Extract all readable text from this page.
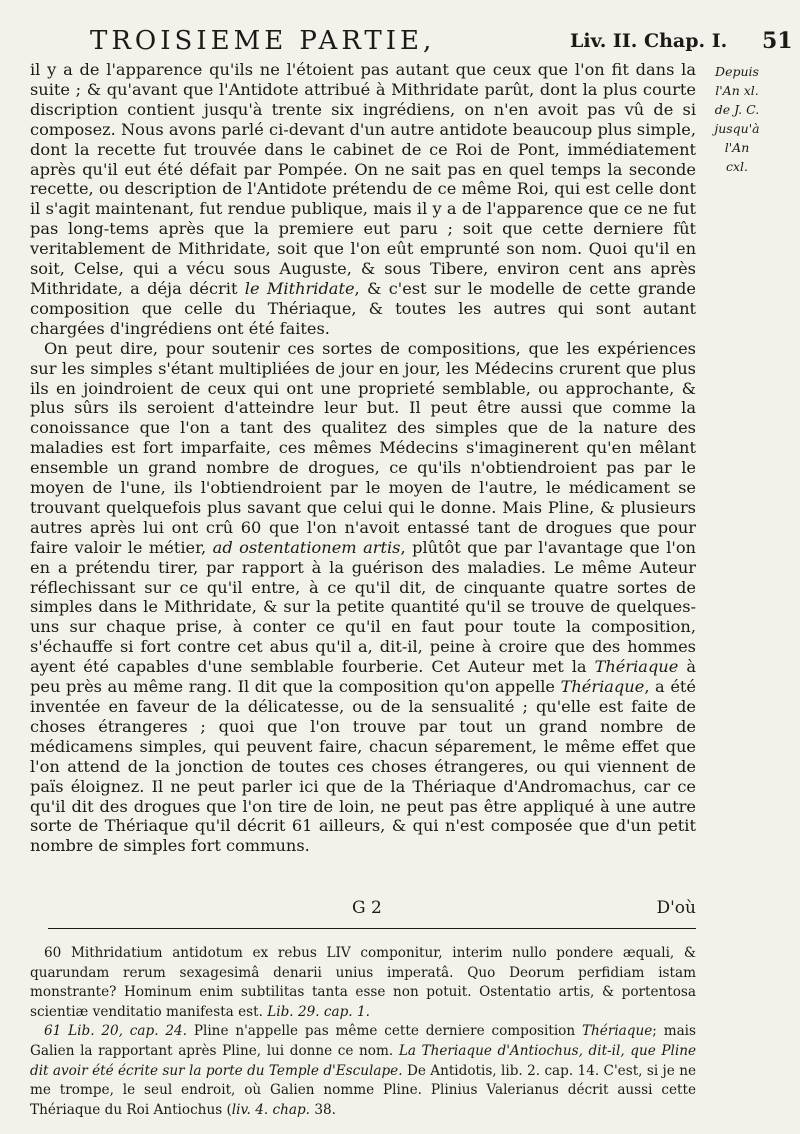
TROISIEME PARTIE,	Liv. II. Chap. I. 51
Depuis
l'An xl.
de J. C.
jusqu'à
l'An
cxl.

il y a de l'apparence qu'ils ne l'étoient pas autant que ceux que l'on fit dans la suite ; & qu'avant que l'Antidote attribué à Mithridate parût, dont la plus courte discription contient jusqu'à trente six ingrédiens, on n'en avoit pas vû de si composez. Nous avons parlé ci-devant d'un autre antidote beaucoup plus simple, dont la recette fut trouvée dans le cabinet de ce Roi de Pont, immédiatement après qu'il eut été défait par Pompée. On ne sait pas en quel temps la seconde recette, ou description de l'Antidote prétendu de ce même Roi, qui est celle dont il s'agit maintenant, fut rendue publique, mais il y a de l'apparence que ce ne fut pas long-tems après que la premiere eut paru ; soit que cette derniere fût veritablement de Mithridate, soit que l'on eût emprunté son nom. Quoi qu'il en soit, Celse, qui a vécu sous Auguste, & sous Tibere, environ cent ans après Mithridate, a déja décrit le Mithridate, & c'est sur le modelle de cette grande composition que celle du Thériaque, & toutes les autres qui sont autant chargées d'ingrédiens ont été faites.

On peut dire, pour soutenir ces sortes de compositions, que les expériences sur les simples s'étant multipliées de jour en jour, les Médecins crurent que plus ils en joindroient de ceux qui ont une proprieté semblable, ou approchante, & plus sûrs ils seroient d'atteindre leur but. Il peut être aussi que comme la conoissance que l'on a tant des qualitez des simples que de la nature des maladies est fort imparfaite, ces mêmes Médecins s'imaginerent qu'en mêlant ensemble un grand nombre de drogues, ce qu'ils n'obtiendroient pas par le moyen de l'une, ils l'obtiendroient par le moyen de l'autre, le médicament se trouvant quelquefois plus savant que celui qui le donne. Mais Pline, & plusieurs autres après lui ont crû 60 que l'on n'avoit entassé tant de drogues que pour faire valoir le métier, ad ostentationem artis, plûtôt que par l'avantage que l'on en a prétendu tirer, par rapport à la guérison des maladies. Le même Auteur réflechissant sur ce qu'il entre, à ce qu'il dit, de cinquante quatre sortes de simples dans le Mithridate, & sur la petite quantité qu'il se trouve de quelques-uns sur chaque prise, à conter ce qu'il en faut pour toute la composition, s'échauffe si fort contre cet abus qu'il a, dit-il, peine à croire que des hommes ayent été capables d'une semblable fourberie. Cet Auteur met la Thériaque à peu près au même rang. Il dit que la composition qu'on appelle Thériaque, a été inventée en faveur de la délicatesse, ou de la sensualité ; qu'elle est faite de choses étrangeres ; quoi que l'on trouve par tout un grand nombre de médicamens simples, qui peuvent faire, chacun séparement, le même effet que l'on attend de la jonction de toutes ces choses étrangeres, ou qui viennent de païs éloignez. Il ne peut parler ici que de la Thériaque d'Andromachus, car ce qu'il dit des drogues que l'on tire de loin, ne peut pas être appliqué à une autre sorte de Thériaque qu'il décrit 61 ailleurs, & qui n'est composée que d'un petit nombre de simples fort communs.

G 2	D'où

60 Mithridatium antidotum ex rebus LIV componitur, interim nullo pondere æquali, & quarundam rerum sexagesimâ denarii unius imperatâ. Quo Deorum perfidiam istam monstrante? Hominum enim subtilitas tanta esse non potuit. Ostentatio artis, & portentosa scientiæ venditatio manifesta est. Lib. 29. cap. 1.

61 Lib. 20, cap. 24. Pline n'appelle pas même cette derniere composition Thériaque; mais Galien la rapportant après Pline, lui donne ce nom. La Theriaque d'Antiochus, dit-il, que Pline dit avoir été écrite sur la porte du Temple d'Esculape. De Antidotis, lib. 2. cap. 14. C'est, si je ne me trompe, le seul endroit, où Galien nomme Pline. Plinius Valerianus décrit aussi cette Thériaque du Roi Antiochus (liv. 4. chap. 38.
